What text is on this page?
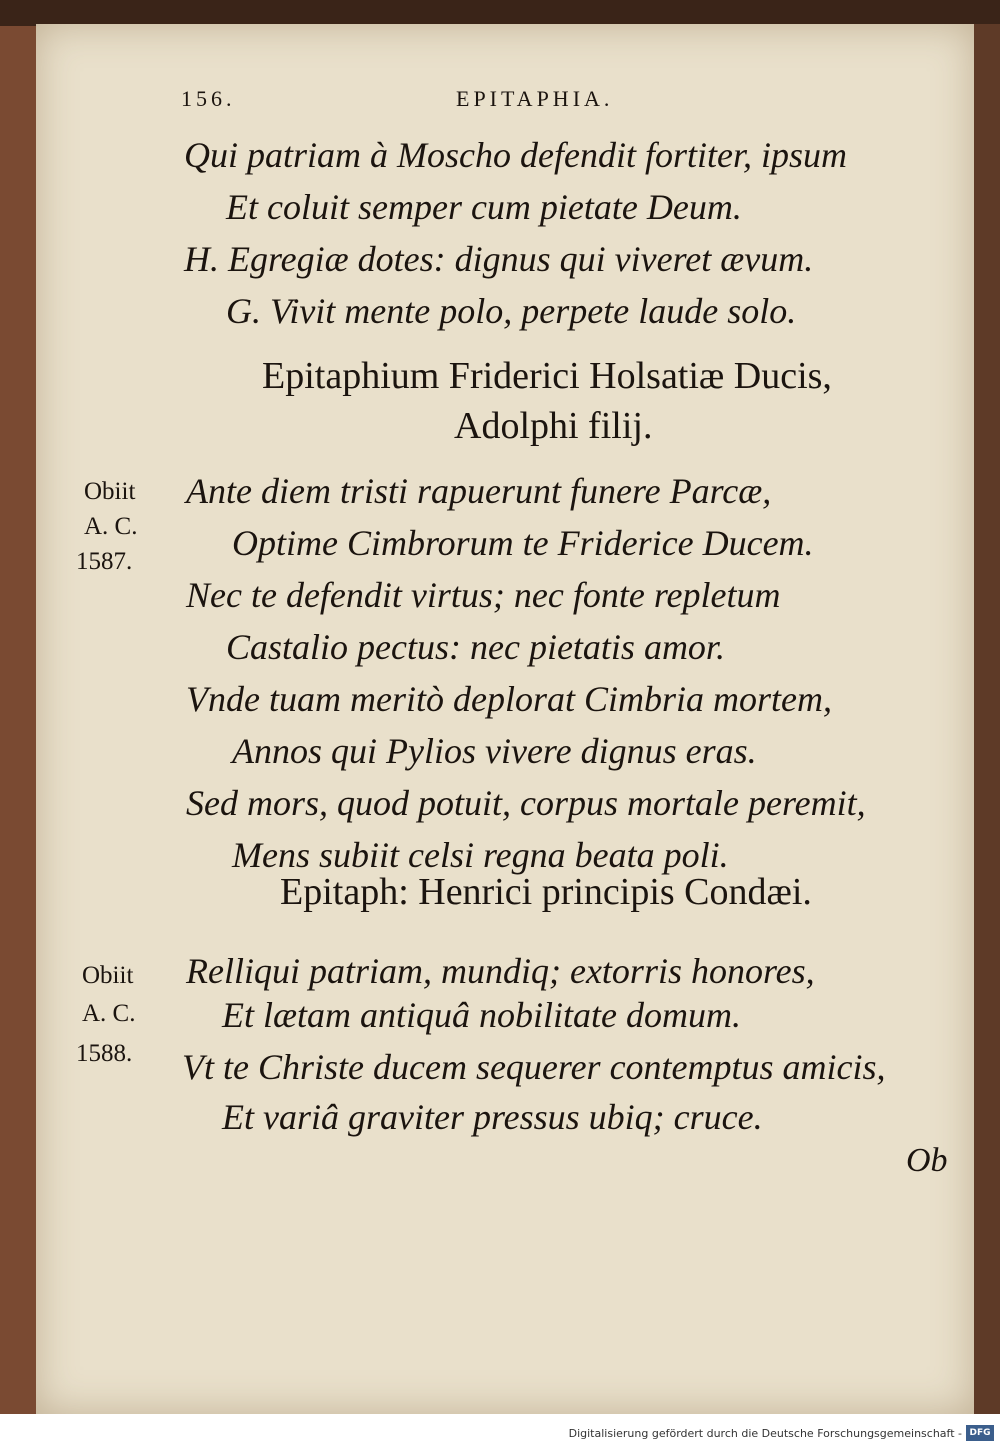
156.	EPITAPHIA.
Qui patriam à Moscho defendit fortiter, ipsum
Et coluit semper cum pietate Deum.
H. Egregiæ dotes: dignus qui viveret ævum.
G. Vivit mente polo, perpete laude solo.
Epitaphium Friderici Holsatiæ Ducis,
Adolphi filij.
Obiit
A. C.
1587.
Ante diem tristi rapuerunt funere Parcæ,
Optime Cimbrorum te Friderice Ducem.
Nec te defendit virtus; nec fonte repletum
Castalio pectus: nec pietatis amor.
Vnde tuam meritò deplorat Cimbria mortem,
Annos qui Pylios vivere dignus eras.
Sed mors, quod potuit, corpus mortale peremit,
Mens subiit celsi regna beata poli.
Epitaph: Henrici principis Condæi.
Obiit
A. C.
1588.
Relliqui patriam, mundiq; extorris honores,
Et lætam antiquâ nobilitate domum.
Vt te Christe ducem sequerer contemptus amicis,
Et variâ graviter pressus ubiq; cruce.
Ob
Digitalisierung gefördert durch die Deutsche Forschungsgemeinschaft - DFG
